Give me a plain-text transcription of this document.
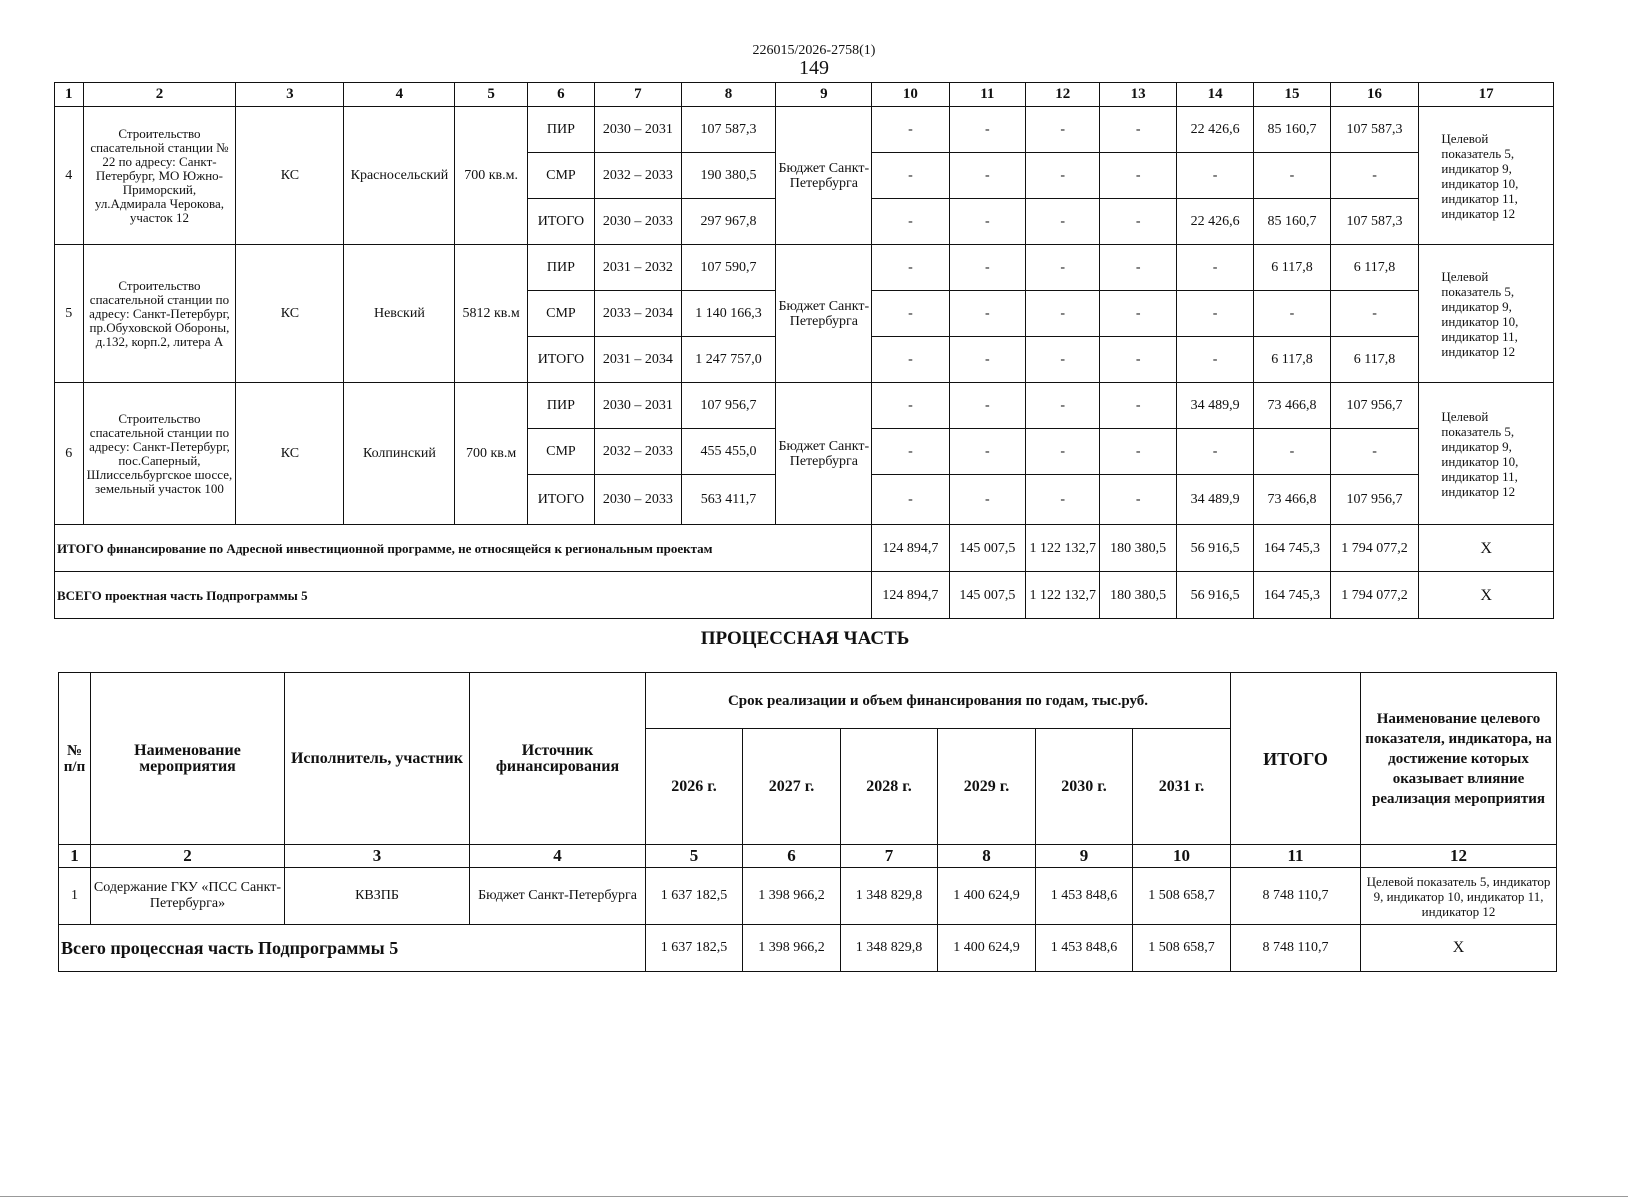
226015/2026-2758(1)
149
1	2	3	4	5	6	7	8	9	10	11	12	13	14	15	16	17
4	Строительство спасательной станции № 22 по адресу: Санкт-Петербург, МО Южно-Приморский, ул.Адмирала Черокова, участок 12	КС	Красносельский	700 кв.м.	ПИР	2030 – 2031	107 587,3	Бюджет Санкт-Петербурга	-	-	-	-	22 426,6	85 160,7	107 587,3	Целевой показатель 5, индикатор 9, индикатор 10, индикатор 11, индикатор 12
					СМР	2032 – 2033	190 380,5		-	-	-	-	-	-	-	
					ИТОГО	2030 – 2033	297 967,8		-	-	-	-	22 426,6	85 160,7	107 587,3	
5	Строительство спасательной станции по адресу: Санкт-Петербург, пр.Обуховской Обороны, д.132, корп.2, литера А	КС	Невский	5812 кв.м	ПИР	2031 – 2032	107 590,7	Бюджет Санкт-Петербурга	-	-	-	-	-	6 117,8	6 117,8	Целевой показатель 5, индикатор 9, индикатор 10, индикатор 11, индикатор 12
					СМР	2033 – 2034	1 140 166,3		-	-	-	-	-	-	-	
					ИТОГО	2031 – 2034	1 247 757,0		-	-	-	-	-	6 117,8	6 117,8	
6	Строительство спасательной станции по адресу: Санкт-Петербург, пос.Саперный, Шлиссельбургское шоссе, земельный участок 100	КС	Колпинский	700 кв.м	ПИР	2030 – 2031	107 956,7	Бюджет Санкт-Петербурга	-	-	-	-	34 489,9	73 466,8	107 956,7	Целевой показатель 5, индикатор 9, индикатор 10, индикатор 11, индикатор 12
					СМР	2032 – 2033	455 455,0		-	-	-	-	-	-	-	
					ИТОГО	2030 – 2033	563 411,7		-	-	-	-	34 489,9	73 466,8	107 956,7	
ИТОГО финансирование по Адресной инвестиционной программе, не относящейся к региональным проектам									124 894,7	145 007,5	1 122 132,7	180 380,5	56 916,5	164 745,3	1 794 077,2	X
ВСЕГО проектная часть Подпрограммы 5									124 894,7	145 007,5	1 122 132,7	180 380,5	56 916,5	164 745,3	1 794 077,2	X
ПРОЦЕССНАЯ ЧАСТЬ
№ п/п	Наименование мероприятия	Исполнитель, участник	Источник финансирования	Срок реализации и объем финансирования по годам, тыс.руб.						ИТОГО	Наименование целевого показателя, индикатора, на достижение которых оказывает влияние реализация мероприятия
				2026 г.	2027 г.	2028 г.	2029 г.	2030 г.	2031 г.		
1	2	3	4	5	6	7	8	9	10	11	12
1	Содержание ГКУ «ПСС Санкт-Петербурга»	КВЗПБ	Бюджет Санкт-Петербурга	1 637 182,5	1 398 966,2	1 348 829,8	1 400 624,9	1 453 848,6	1 508 658,7	8 748 110,7	Целевой показатель 5, индикатор 9, индикатор 10, индикатор 11, индикатор 12
Всего процессная часть Подпрограммы 5				1 637 182,5	1 398 966,2	1 348 829,8	1 400 624,9	1 453 848,6	1 508 658,7	8 748 110,7	X
